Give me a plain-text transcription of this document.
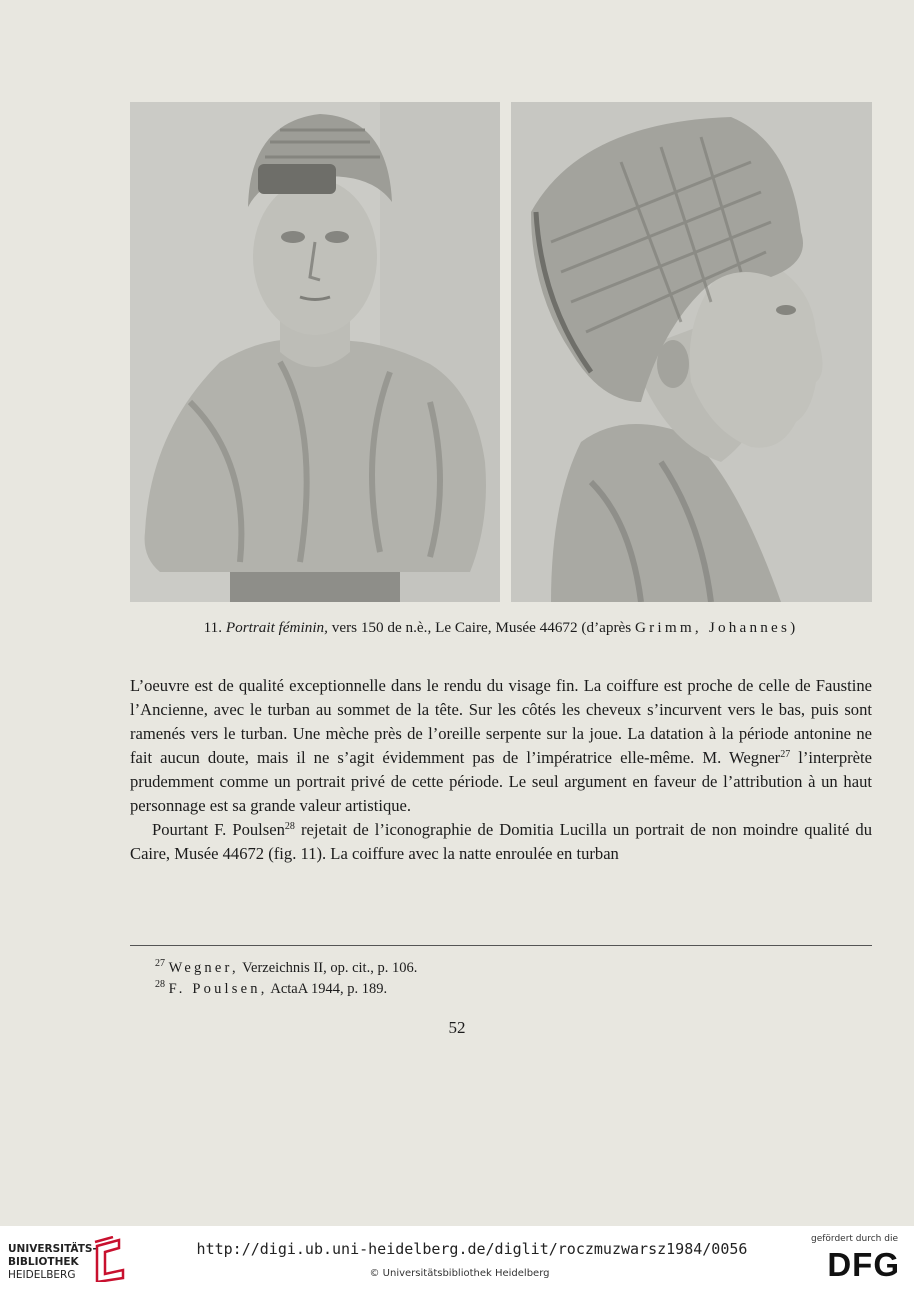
11. Portrait féminin, vers 150 de n.è., Le Caire, Musée 44672 (d’après Grimm, Johannes)

L’oeuvre est de qualité exceptionnelle dans le rendu du visage fin. La coiffure est proche de celle de Faustine l’Ancienne, avec le turban au sommet de la tête. Sur les côtés les cheveux s’incurvent vers le bas, puis sont ramenés vers le turban. Une mèche près de l’oreille serpente sur la joue. La datation à la période antonine ne fait aucun doute, mais il ne s’agit évidemment pas de l’impératrice elle-même. M. Wegner$^{27}$ l’interprète prudemment comme un portrait privé de cette période. Le seul argument en faveur de l’attribution à un haut personnage est sa grande valeur artistique.

Pourtant F. Poulsen$^{28}$ rejetait de l’iconographie de Domitia Lucilla un portrait de non moindre qualité du Caire, Musée 44672 (fig. 11). La coiffure avec la natte enroulée en turban

$^{27}$ Wegner, Verzeichnis II, op. cit., p. 106.
$^{28}$ F. Poulsen, ActaA 1944, p. 189.
52
UNIVERSITÄTS-
BIBLIOTHEK
HEIDELBERG
http://digi.ub.uni-heidelberg.de/diglit/roczmuzwarsz1984/0056
© Universitätsbibliothek Heidelberg
gefördert durch die
DFG
